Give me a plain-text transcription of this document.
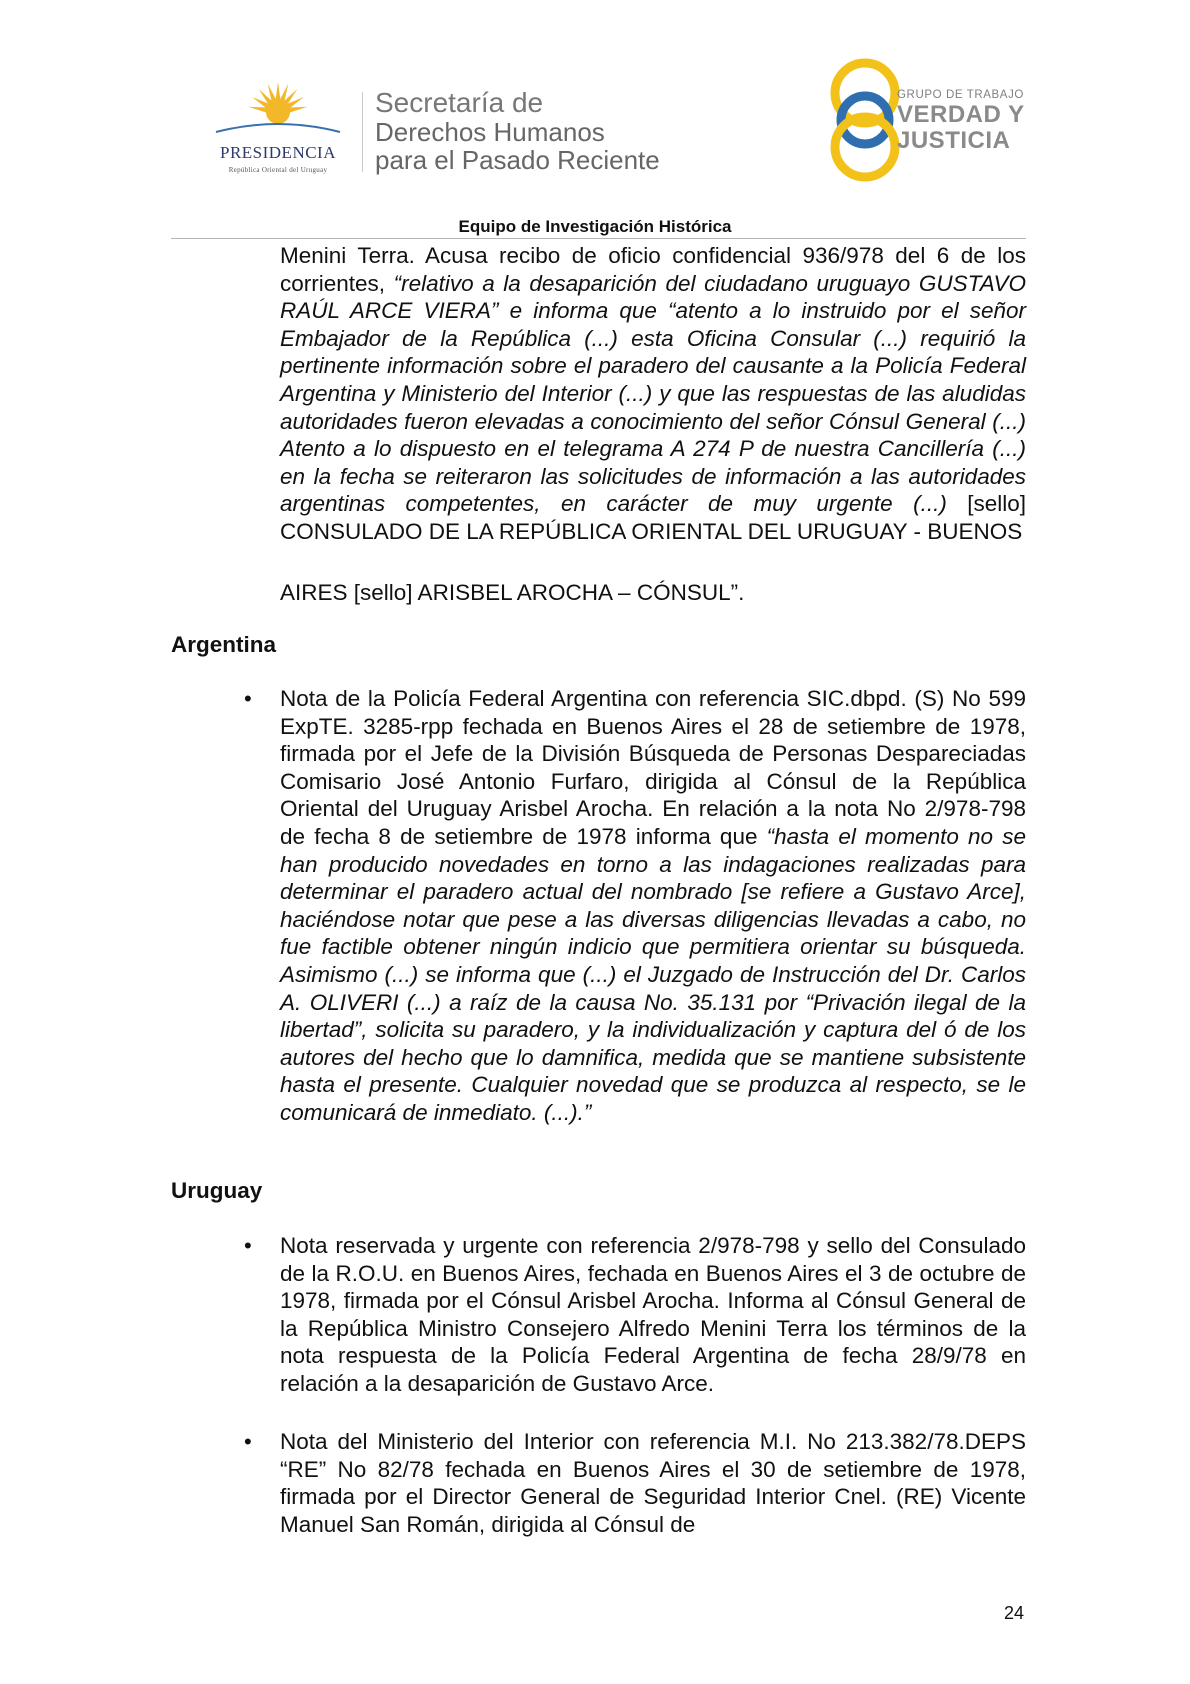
PRESIDENCIA
República Oriental del Uruguay
Secretaría de
Derechos Humanos
para el Pasado Reciente
GRUPO DE TRABAJO
VERDAD Y
JUSTICIA
Equipo de Investigación Histórica
Menini Terra. Acusa recibo de oficio confidencial 936/978 del 6 de los corrientes, “relativo a la desaparición del ciudadano uruguayo GUSTAVO RAÚL ARCE VIERA” e informa que “atento a lo instruido por el señor Embajador de la República (...) esta Oficina Consular (...) requirió la pertinente información sobre el paradero del causante a la Policía Federal Argentina y Ministerio del Interior (...) y que las respuestas de las aludidas autoridades fueron elevadas a conocimiento del señor Cónsul General (...) Atento a lo dispuesto en el telegrama A 274 P de nuestra Cancillería (...) en la fecha se reiteraron las solicitudes de información a las autoridades argentinas competentes, en carácter de muy urgente (...) [sello] CONSULADO DE LA REPÚBLICA ORIENTAL DEL URUGUAY - BUENOS
AIRES [sello] ARISBEL AROCHA – CÓNSUL”.
Argentina
• Nota de la Policía Federal Argentina con referencia SIC.dbpd. (S) No 599 ExpTE. 3285-rpp fechada en Buenos Aires el 28 de setiembre de 1978, firmada por el Jefe de la División Búsqueda de Personas Despareciadas Comisario José Antonio Furfaro, dirigida al Cónsul de la República Oriental del Uruguay Arisbel Arocha. En relación a la nota No 2/978-798 de fecha 8 de setiembre de 1978 informa que “hasta el momento no se han producido novedades en torno a las indagaciones realizadas para determinar el paradero actual del nombrado [se refiere a Gustavo Arce], haciéndose notar que pese a las diversas diligencias llevadas a cabo, no fue factible obtener ningún indicio que permitiera orientar su búsqueda. Asimismo (...) se informa que (...) el Juzgado de Instrucción del Dr. Carlos A. OLIVERI (...) a raíz de la causa No. 35.131 por “Privación ilegal de la libertad”, solicita su paradero, y la individualización y captura del ó de los autores del hecho que lo damnifica, medida que se mantiene subsistente hasta el presente. Cualquier novedad que se produzca al respecto, se le comunicará de inmediato. (...).”
Uruguay
• Nota reservada y urgente con referencia 2/978-798 y sello del Consulado de la R.O.U. en Buenos Aires, fechada en Buenos Aires el 3 de octubre de 1978, firmada por el Cónsul Arisbel Arocha. Informa al Cónsul General de la República Ministro Consejero Alfredo Menini Terra los términos de la nota respuesta de la Policía Federal Argentina de fecha 28/9/78 en relación a la desaparición de Gustavo Arce.
• Nota del Ministerio del Interior con referencia M.I. No 213.382/78.DEPS “RE” No 82/78 fechada en Buenos Aires el 30 de setiembre de 1978, firmada por el Director General de Seguridad Interior Cnel. (RE) Vicente Manuel San Román, dirigida al Cónsul de
24
